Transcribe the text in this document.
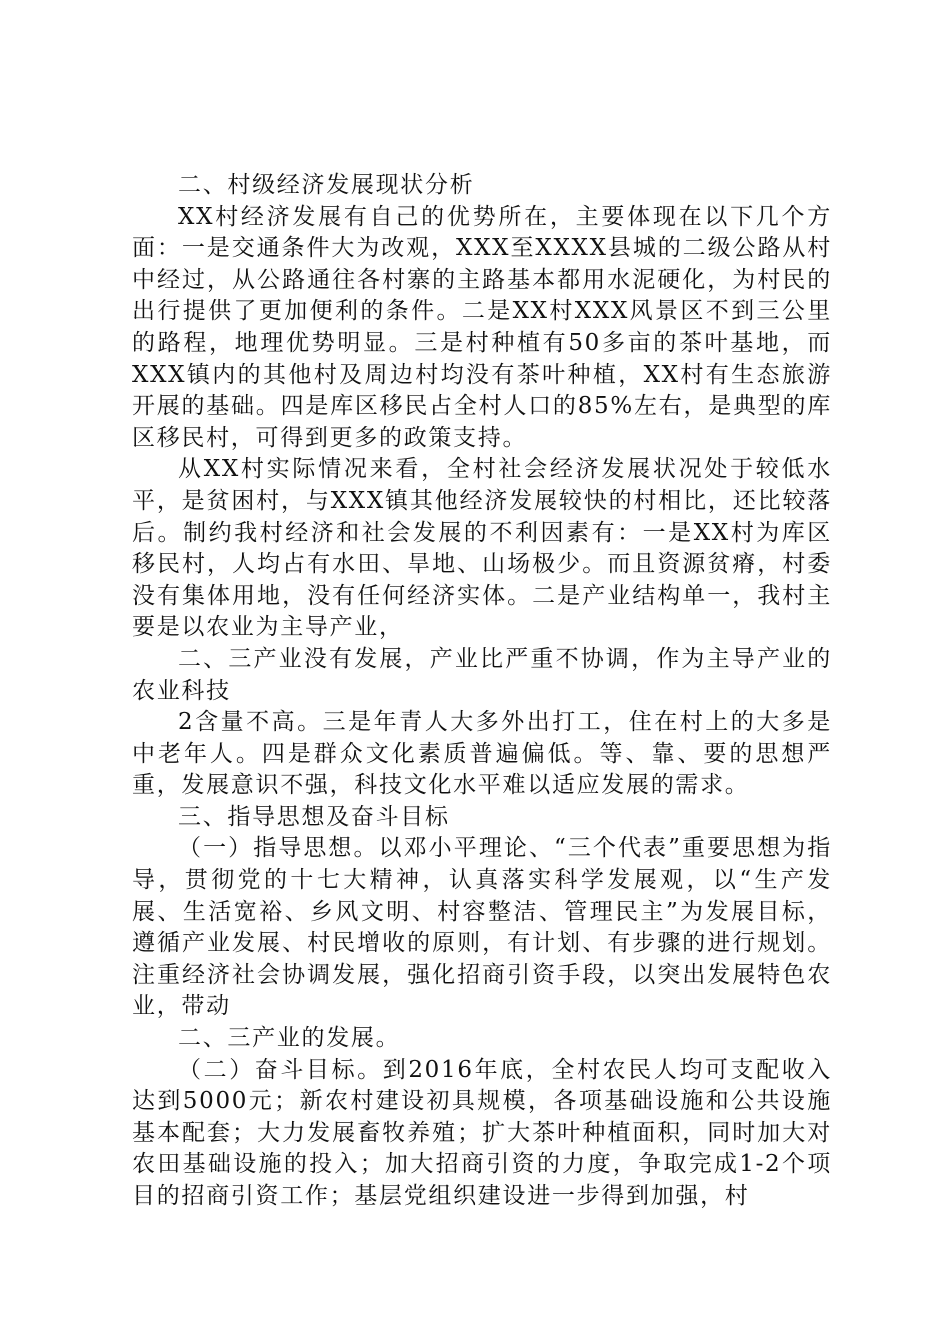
二、村级经济发展现状分析

XX村经济发展有自己的优势所在，主要体现在以下几个方面：一是交通条件大为改观，XXX至XXXX县城的二级公路从村中经过，从公路通往各村寨的主路基本都用水泥硬化，为村民的出行提供了更加便利的条件。二是XX村XXX风景区不到三公里的路程，地理优势明显。三是村种植有50多亩的茶叶基地，而XXX镇内的其他村及周边村均没有茶叶种植，XX村有生态旅游开展的基础。四是库区移民占全村人口的85%左右，是典型的库区移民村，可得到更多的政策支持。

从XX村实际情况来看，全村社会经济发展状况处于较低水平，是贫困村，与XXX镇其他经济发展较快的村相比，还比较落后。制约我村经济和社会发展的不利因素有：一是XX村为库区移民村，人均占有水田、旱地、山场极少。而且资源贫瘠，村委没有集体用地，没有任何经济实体。二是产业结构单一，我村主要是以农业为主导产业，

二、三产业没有发展，产业比严重不协调，作为主导产业的农业科技

2含量不高。三是年青人大多外出打工，住在村上的大多是中老年人。四是群众文化素质普遍偏低。等、靠、要的思想严重，发展意识不强，科技文化水平难以适应发展的需求。

三、指导思想及奋斗目标

（一）指导思想。以邓小平理论、“三个代表”重要思想为指导，贯彻党的十七大精神，认真落实科学发展观，以“生产发展、生活宽裕、乡风文明、村容整洁、管理民主”为发展目标，遵循产业发展、村民增收的原则，有计划、有步骤的进行规划。注重经济社会协调发展，强化招商引资手段，以突出发展特色农业，带动

二、三产业的发展。

（二）奋斗目标。到2016年底，全村农民人均可支配收入达到5000元；新农村建设初具规模，各项基础设施和公共设施基本配套；大力发展畜牧养殖；扩大茶叶种植面积，同时加大对农田基础设施的投入；加大招商引资的力度，争取完成1-2个项目的招商引资工作；基层党组织建设进一步得到加强，村
